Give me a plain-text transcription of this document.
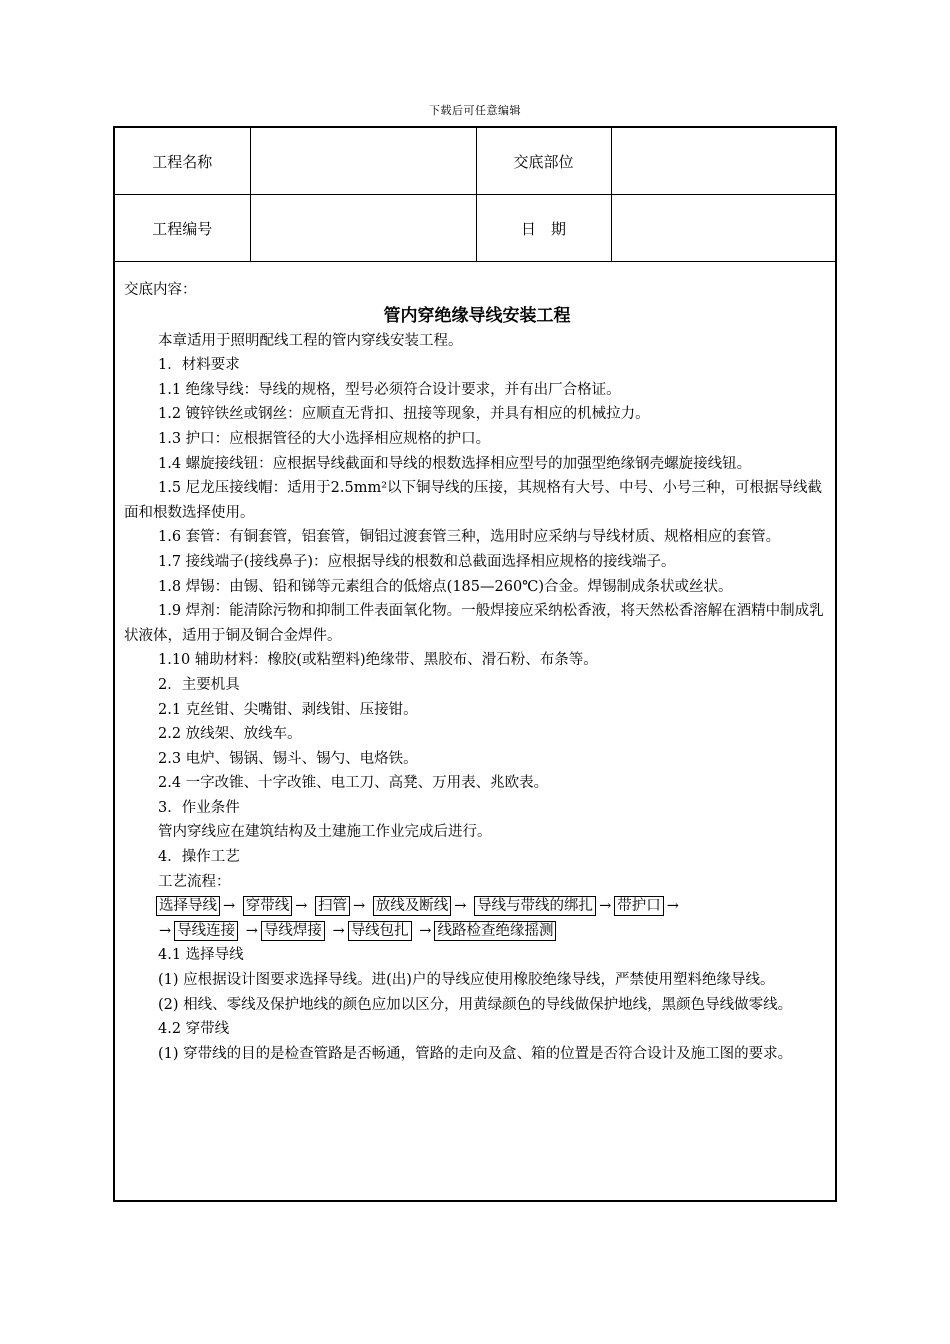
下载后可任意编辑
工程名称		交底部位	
工程编号		日　期	

交底内容：

管内穿绝缘导线安装工程

本章适用于照明配线工程的管内穿线安装工程。

1．材料要求

1.1 绝缘导线：导线的规格，型号必须符合设计要求，并有出厂合格证。

1.2 镀锌铁丝或钢丝：应顺直无背扣、扭接等现象，并具有相应的机械拉力。

1.3 护口：应根据管径的大小选择相应规格的护口。

1.4 螺旋接线钮：应根据导线截面和导线的根数选择相应型号的加强型绝缘钢壳螺旋接线钮。

1.5 尼龙压接线帽：适用于2.5mm²以下铜导线的压接，其规格有大号、中号、小号三种，可根据导线截面和根数选择使用。

1.6 套管：有铜套管，铝套管，铜铝过渡套管三种，选用时应采纳与导线材质、规格相应的套管。

1.7 接线端子(接线鼻子)：应根据导线的根数和总截面选择相应规格的接线端子。

1.8 焊锡：由锡、铅和锑等元素组合的低熔点(185—260℃)合金。焊锡制成条状或丝状。

1.9 焊剂：能清除污物和抑制工件表面氧化物。一般焊接应采纳松香液，将天然松香溶解在酒精中制成乳状液体，适用于铜及铜合金焊件。

1.10 辅助材料：橡胶(或粘塑料)绝缘带、黑胶布、滑石粉、布条等。

2．主要机具

2.1 克丝钳、尖嘴钳、剥线钳、压接钳。

2.2 放线架、放线车。

2.3 电炉、锡锅、锡斗、锡勺、电烙铁。

2.4 一字改锥、十字改锥、电工刀、高凳、万用表、兆欧表。

3．作业条件

管内穿线应在建筑结构及土建施工作业完成后进行。

4．操作工艺

工艺流程：

选择导线 → 穿带线 → 扫管 → 放线及断线 → 导线与带线的绑扎 → 带护口 →

→ 导线连接 → 导线焊接 → 导线包扎 → 线路检查绝缘摇测

4.1 选择导线

(1) 应根据设计图要求选择导线。进(出)户的导线应使用橡胶绝缘导线，严禁使用塑料绝缘导线。

(2) 相线、零线及保护地线的颜色应加以区分，用黄绿颜色的导线做保护地线，黑颜色导线做零线。

4.2 穿带线

(1) 穿带线的目的是检查管路是否畅通，管路的走向及盒、箱的位置是否符合设计及施工图的要求。
